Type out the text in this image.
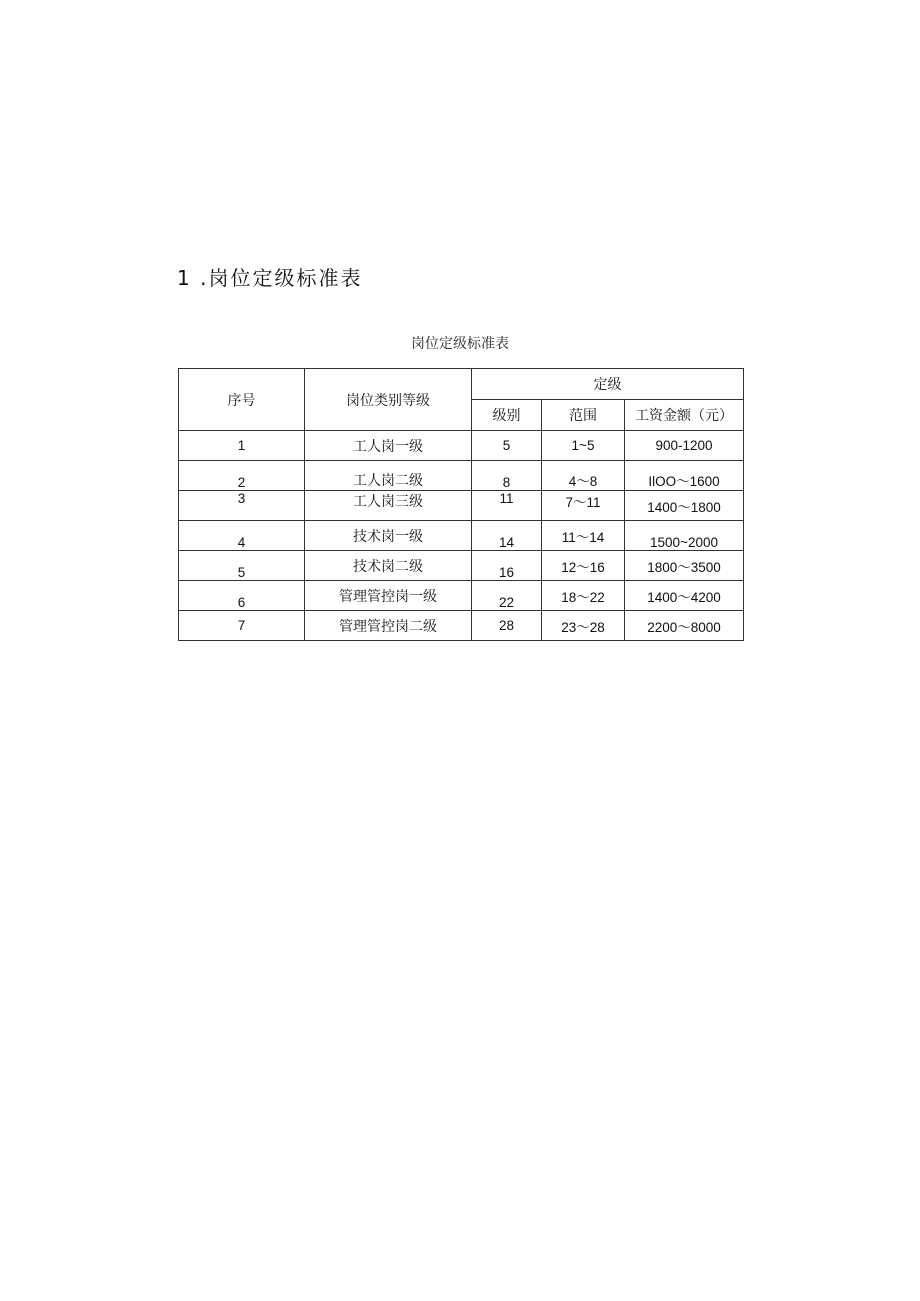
1 .岗位定级标准表
岗位定级标准表
序号	岗位类别等级	定级		
		级别	范围	工资金额（元）
1	工人岗一级	5	1~5	900-1200
2	工人岗二级	8	4～8	IlOO～1600
3	工人岗三级	11	7～11	1400～1800
4	技术岗一级	14	11～14	1500~2000
5	技术岗二级	16	12～16	1800～3500
6	管理管控岗一级	22	18～22	1400～4200
7	管理管控岗二级	28	23～28	2200～8000
